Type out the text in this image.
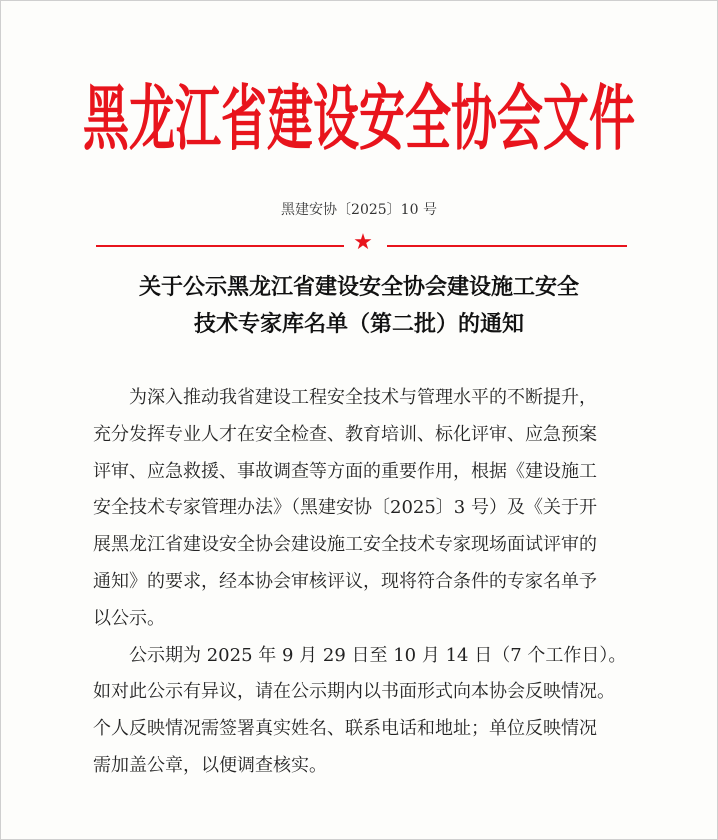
黑龙江省建设安全协会文件
黑建安协〔2025〕10 号
★
关于公示黑龙江省建设安全协会建设施工安全
技术专家库名单（第二批）的通知
为深入推动我省建设工程安全技术与管理水平的不断提升，
充分发挥专业人才在安全检查、教育培训、标化评审、应急预案
评审、应急救援、事故调查等方面的重要作用，根据《建设施工
安全技术专家管理办法》（黑建安协〔2025〕3 号）及《关于开
展黑龙江省建设安全协会建设施工安全技术专家现场面试评审的
通知》的要求，经本协会审核评议，现将符合条件的专家名单予
以公示。
公示期为 2025 年 9 月 29 日至 10 月 14 日（7 个工作日）。
如对此公示有异议，请在公示期内以书面形式向本协会反映情况。
个人反映情况需签署真实姓名、联系电话和地址；单位反映情况
需加盖公章，以便调查核实。
